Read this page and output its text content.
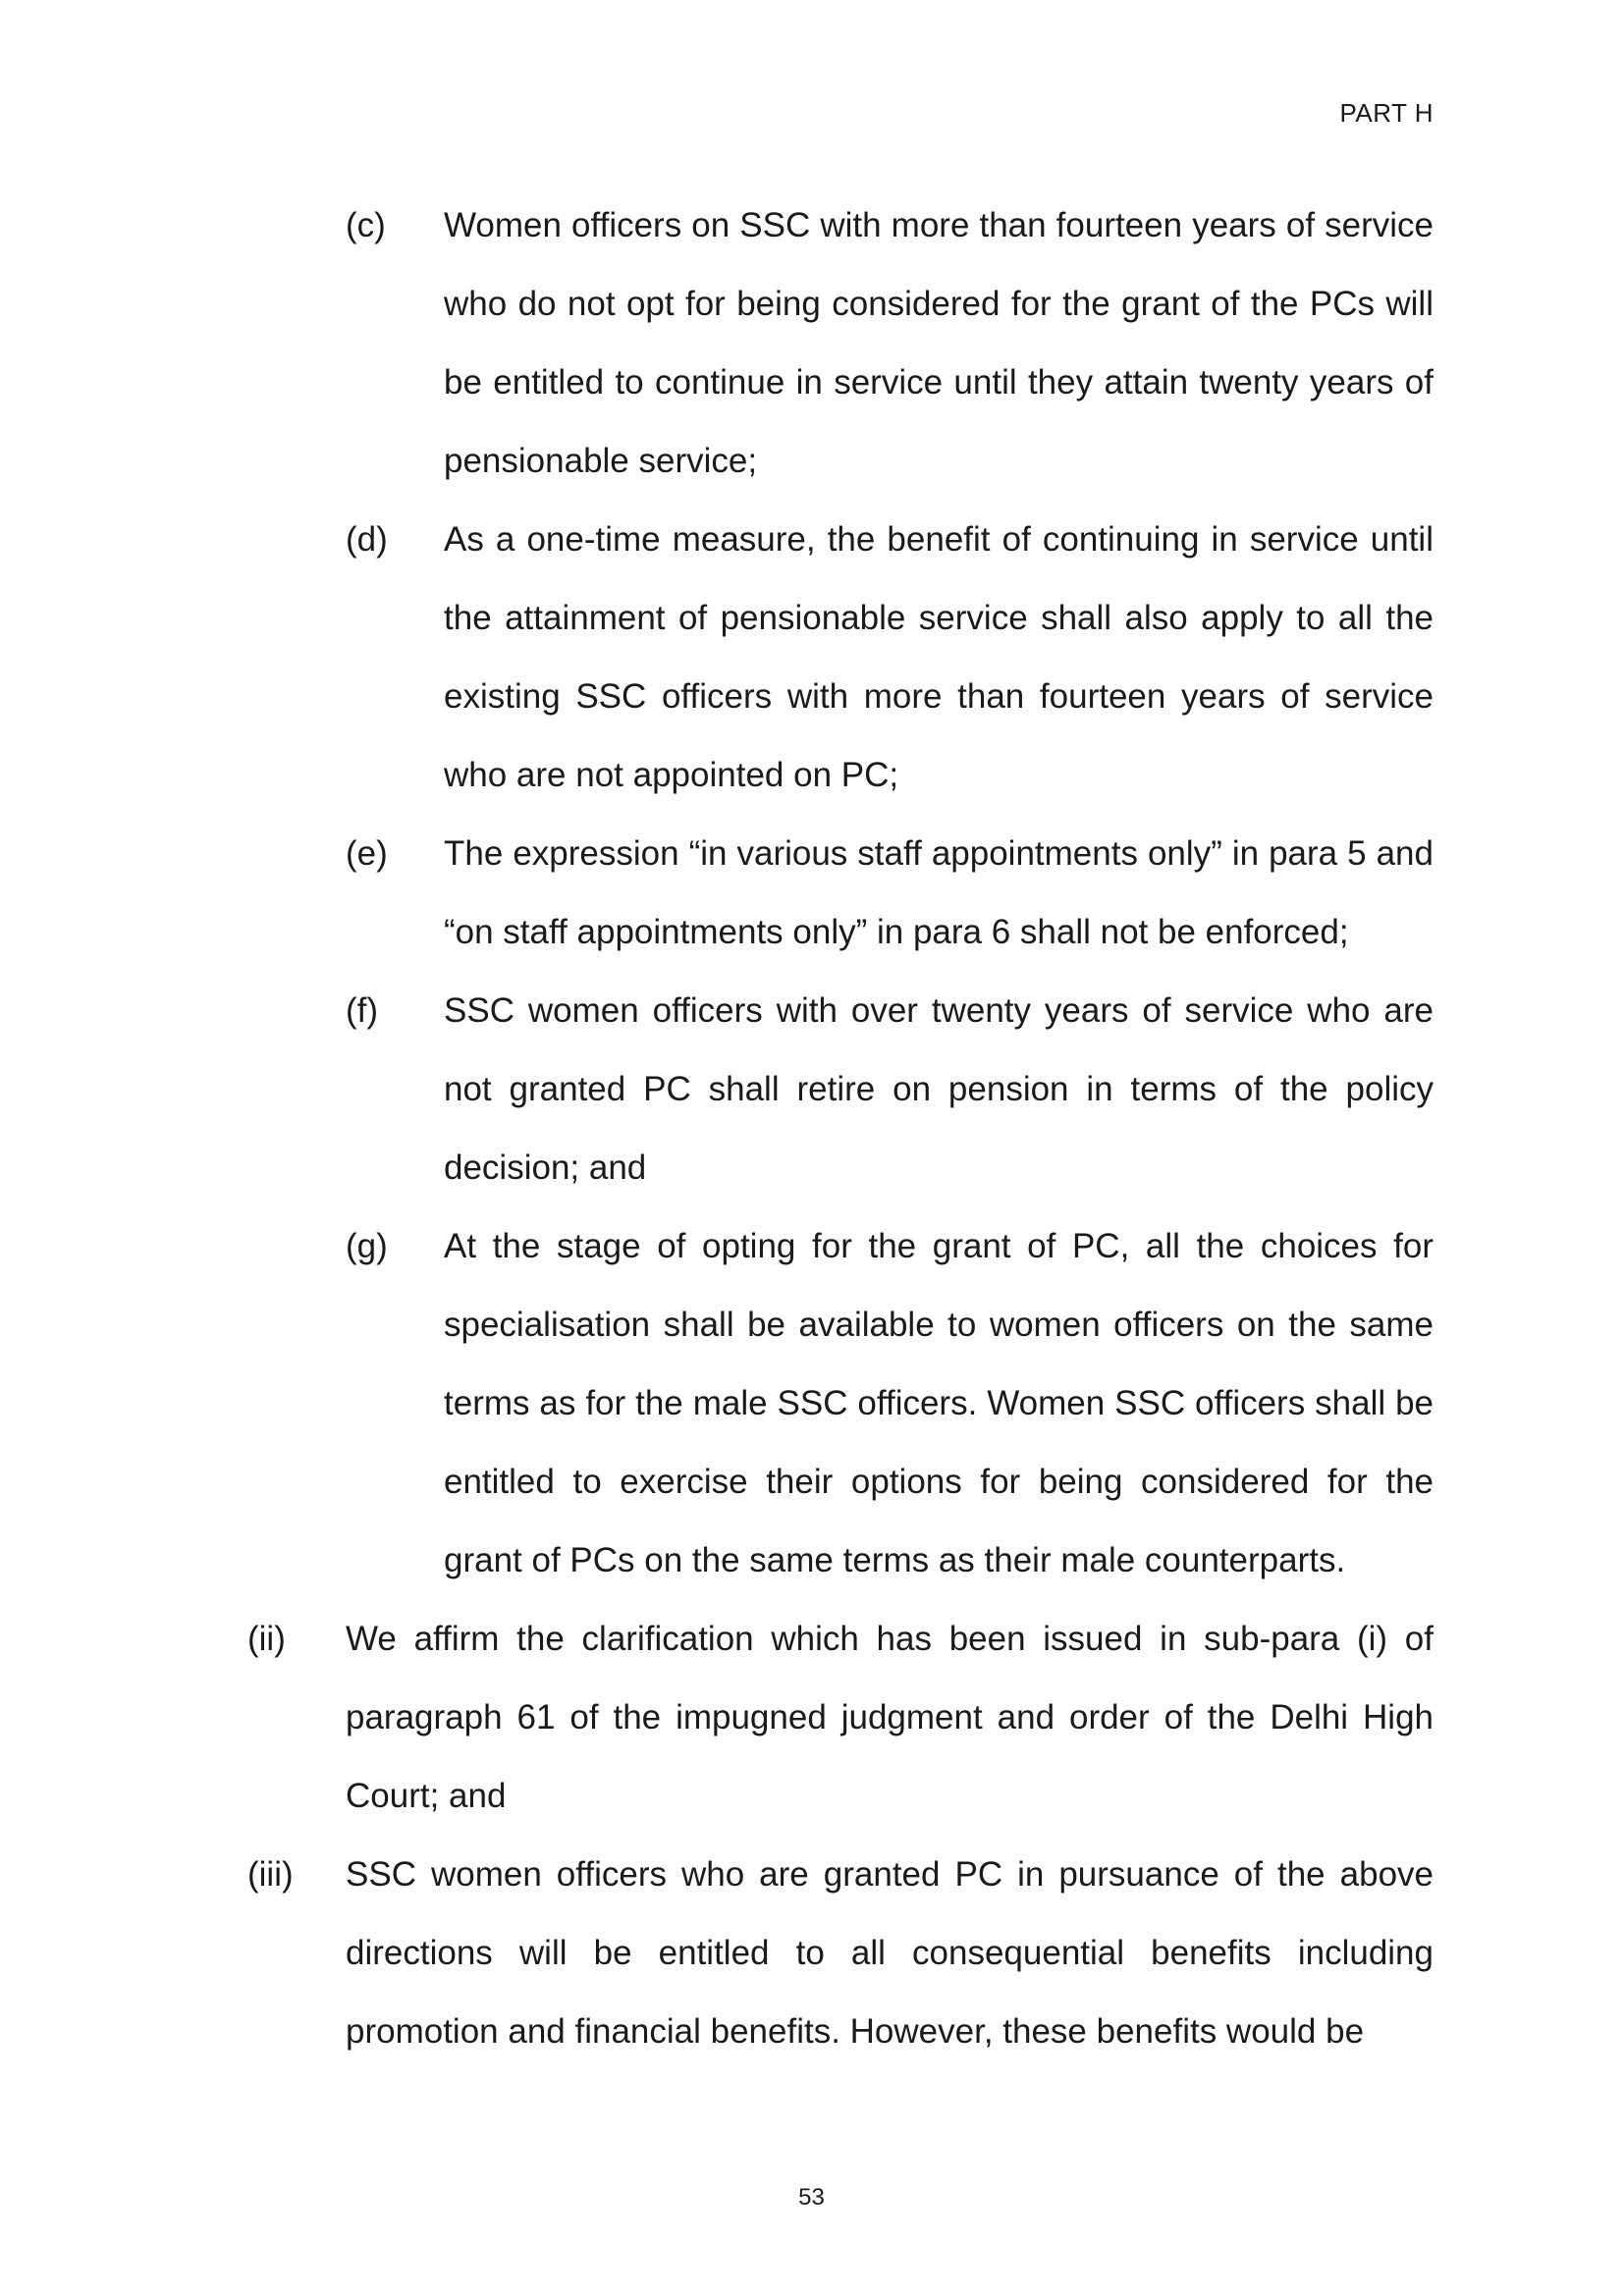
PART H
(c) Women officers on SSC with more than fourteen years of service who do not opt for being considered for the grant of the PCs will be entitled to continue in service until they attain twenty years of pensionable service;
(d) As a one-time measure, the benefit of continuing in service until the attainment of pensionable service shall also apply to all the existing SSC officers with more than fourteen years of service who are not appointed on PC;
(e) The expression “in various staff appointments only” in para 5 and “on staff appointments only” in para 6 shall not be enforced;
(f) SSC women officers with over twenty years of service who are not granted PC shall retire on pension in terms of the policy decision; and
(g) At the stage of opting for the grant of PC, all the choices for specialisation shall be available to women officers on the same terms as for the male SSC officers. Women SSC officers shall be entitled to exercise their options for being considered for the grant of PCs on the same terms as their male counterparts.
(ii) We affirm the clarification which has been issued in sub-para (i) of paragraph 61 of the impugned judgment and order of the Delhi High Court; and
(iii) SSC women officers who are granted PC in pursuance of the above directions will be entitled to all consequential benefits including promotion and financial benefits. However, these benefits would be
53
